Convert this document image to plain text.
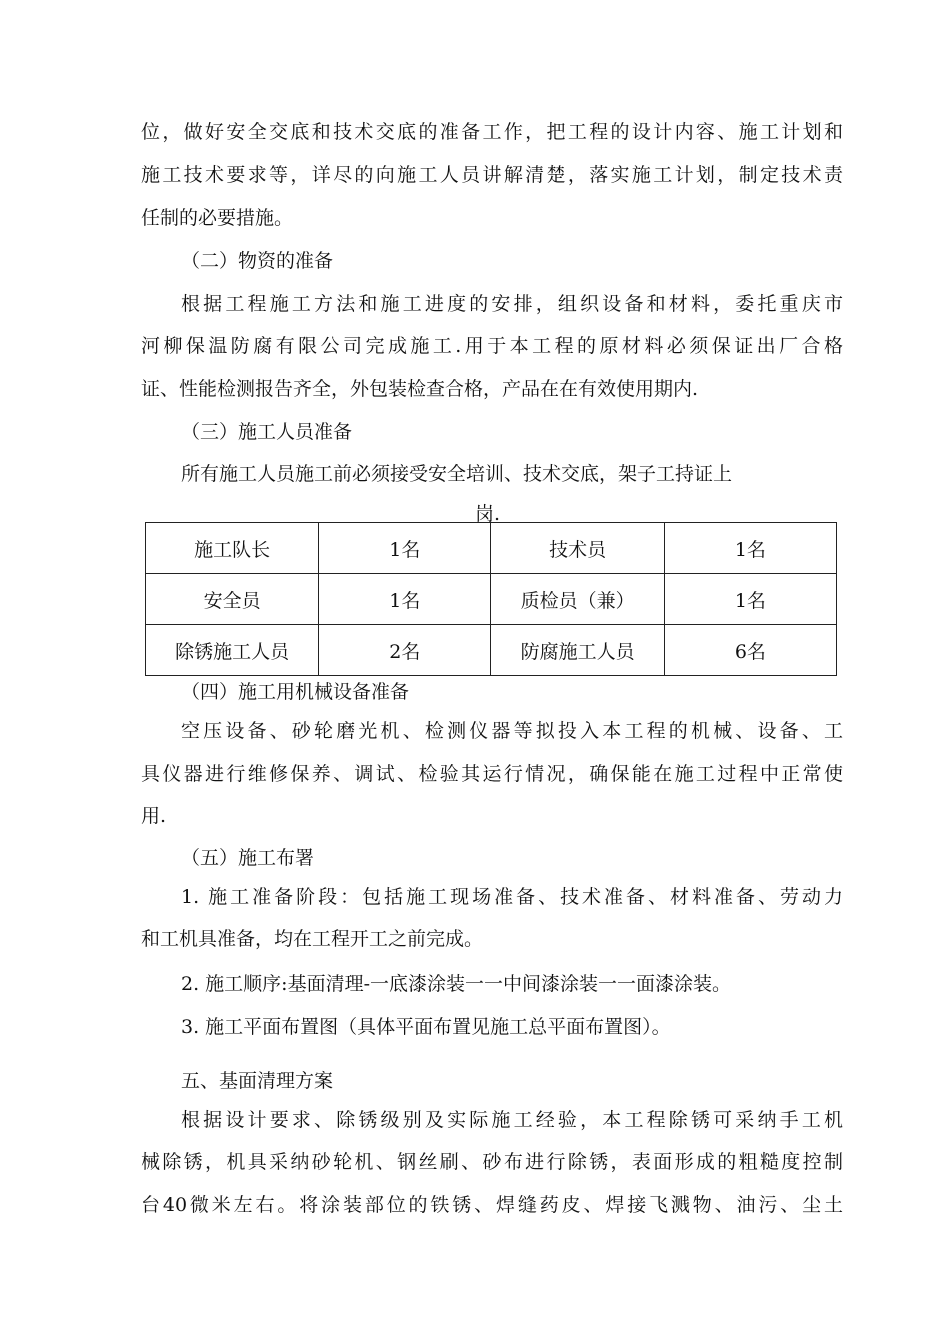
位，做好安全交底和技术交底的准备工作，把工程的设计内容、施工计划和
施工技术要求等，详尽的向施工人员讲解清楚，落实施工计划，制定技术责
任制的必要措施。
（二）物资的准备
根据工程施工方法和施工进度的安排，组织设备和材料，委托重庆市
河柳保温防腐有限公司完成施工.用于本工程的原材料必须保证出厂合格
证、性能检测报告齐全，外包装检查合格，产品在在有效使用期内.
（三）施工人员准备
所有施工人员施工前必须接受安全培训、技术交底，架子工持证上
岗.
施工队长	1名	技术员	1名
安全员	1名	质检员（兼）	1名
除锈施工人员	2名	防腐施工人员	6名
（四）施工用机械设备准备
空压设备、砂轮磨光机、检测仪器等拟投入本工程的机械、设备、工
具仪器进行维修保养、调试、检验其运行情况，确保能在施工过程中正常使
用.
（五）施工布署
1. 施工准备阶段：包括施工现场准备、技术准备、材料准备、劳动力
和工机具准备，均在工程开工之前完成。
2. 施工顺序:基面清理-一底漆涂装一一中间漆涂装一一面漆涂装。
3. 施工平面布置图（具体平面布置见施工总平面布置图）。
五、基面清理方案
根据设计要求、除锈级别及实际施工经验，本工程除锈可采纳手工机
械除锈，机具采纳砂轮机、钢丝刷、砂布进行除锈，表面形成的粗糙度控制
台40微米左右。将涂装部位的铁锈、焊缝药皮、焊接飞溅物、油污、尘土
